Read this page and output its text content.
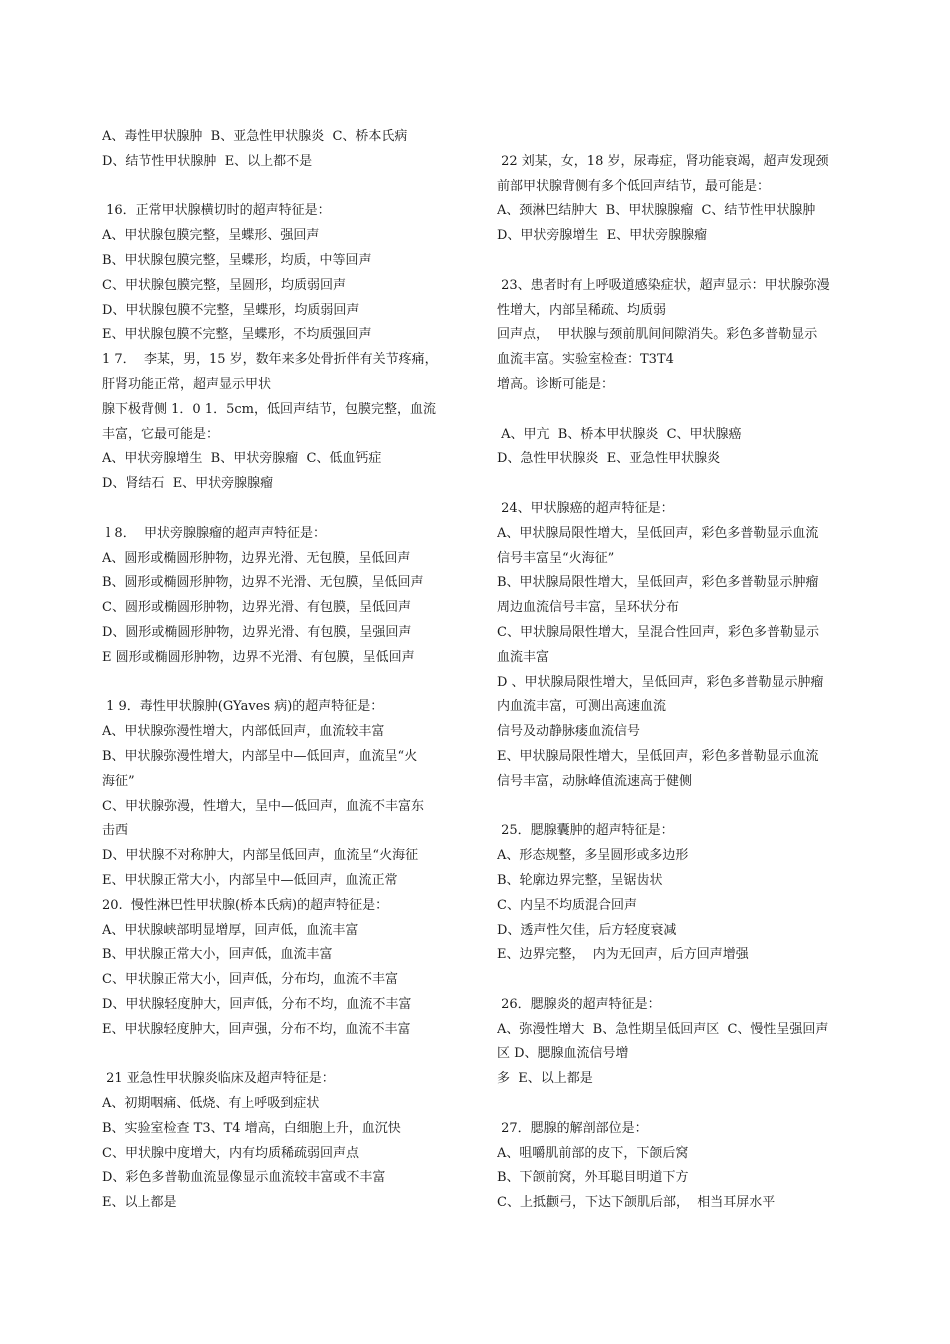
A、毒性甲状腺肿  B、亚急性甲状腺炎  C、桥本氏病
D、结节性甲状腺肿  E、以上都不是
16．正常甲状腺横切时的超声特征是：
A、甲状腺包膜完整，呈蝶形、强回声
B、甲状腺包膜完整，呈蝶形，均质，中等回声
C、甲状腺包膜完整，呈圆形，均质弱回声
D、甲状腺包膜不完整，呈蝶形，均质弱回声
E、甲状腺包膜不完整，呈蝶形，不均质强回声
1 7．  李某，男，15 岁，数年来多处骨折伴有关节疼痛，
肝肾功能正常，超声显示甲状
腺下极背侧 1．0 1．5cm，低回声结节，包膜完整，血流
丰富，它最可能是：
A、甲状旁腺增生  B、甲状旁腺瘤  C、低血钙症
D、肾结石  E、甲状旁腺腺瘤
l 8．  甲状旁腺腺瘤的超声声特征是：
A、圆形或椭圆形肿物，边界光滑、无包膜，呈低回声
B、圆形或椭圆形肿物，边界不光滑、无包膜，呈低回声
C、圆形或椭圆形肿物，边界光滑、有包膜，呈低回声
D、圆形或椭圆形肿物，边界光滑、有包膜，呈强回声
E 圆形或椭圆形肿物，边界不光滑、有包膜，呈低回声
1 9．毒性甲状腺肿(GYaves 病)的超声特征是：
A、甲状腺弥漫性增大，内部低回声，血流较丰富
B、甲状腺弥漫性增大，内部呈中—低回声，血流呈“火
海征”
C、甲状腺弥漫，性增大，呈中—低回声，血流不丰富东
击西
D、甲状腺不对称肿大，内部呈低回声，血流呈“火海征
E、甲状腺正常大小，内部呈中—低回声，血流正常
20.  慢性淋巴性甲状腺(桥本氏病)的超声特征是：
A、甲状腺峡部明显增厚，回声低，血流丰富
B、甲状腺正常大小，回声低，血流丰富
C、甲状腺正常大小，回声低，分布均，血流不丰富
D、甲状腺轻度肿大，回声低，分布不均，血流不丰富
E、甲状腺轻度肿大，回声强，分布不均，血流不丰富
21 亚急性甲状腺炎临床及超声特征是：
A、初期咽痛、低烧、有上呼吸到症状
B、实验室检查 T3、T4 增高，白细胞上升，血沉快
C、甲状腺中度增大，内有均质稀疏弱回声点
D、彩色多普勒血流显像显示血流较丰富或不丰富
E、以上都是
22 刘某，女，18 岁，尿毒症，肾功能衰竭，超声发现颈
前部甲状腺背侧有多个低回声结节，最可能是：
A、颈淋巴结肿大  B、甲状腺腺瘤  C、结节性甲状腺肿
D、甲状旁腺增生  E、甲状旁腺腺瘤
23、患者时有上呼吸道感染症状，超声显示：甲状腺弥漫
性增大，内部呈稀疏、均质弱
回声点，  甲状腺与颈前肌间间隙消失。彩色多普勒显示
血流丰富。实验室检查：T3T4
增高。诊断可能是：
A、甲亢  B、桥本甲状腺炎  C、甲状腺癌
D、急性甲状腺炎  E、亚急性甲状腺炎
24、甲状腺癌的超声特征是：
A、甲状腺局限性增大，呈低回声，彩色多普勒显示血流
信号丰富呈“火海征”
B、甲状腺局限性增大，呈低回声，彩色多普勒显示肿瘤
周边血流信号丰富，呈环状分布
C、甲状腺局限性增大，呈混合性回声，彩色多普勒显示
血流丰富
D 、甲状腺局限性增大，呈低回声，彩色多普勒显示肿瘤
内血流丰富，可测出高速血流
信号及动静脉瘘血流信号
E、甲状腺局限性增大，呈低回声，彩色多普勒显示血流
信号丰富，动脉峰值流速高于健侧
25．腮腺囊肿的超声特征是：
A、形态规整，多呈圆形或多边形
B、轮廓边界完整，呈锯齿状
C、内呈不均质混合回声
D、透声性欠佳，后方轻度衰减
E、边界完整，  内为无回声，后方回声增强
26．腮腺炎的超声特征是：
A、弥漫性增大  B、急性期呈低回声区  C、慢性呈强回声
区 D、腮腺血流信号增
多  E、以上都是
27．腮腺的解剖部位是：
A、咀嚼肌前部的皮下，下颌后窝
B、下颌前窝，外耳聪目明道下方
C、上抵颧弓，下达下颌肌后部，  相当耳屏水平
